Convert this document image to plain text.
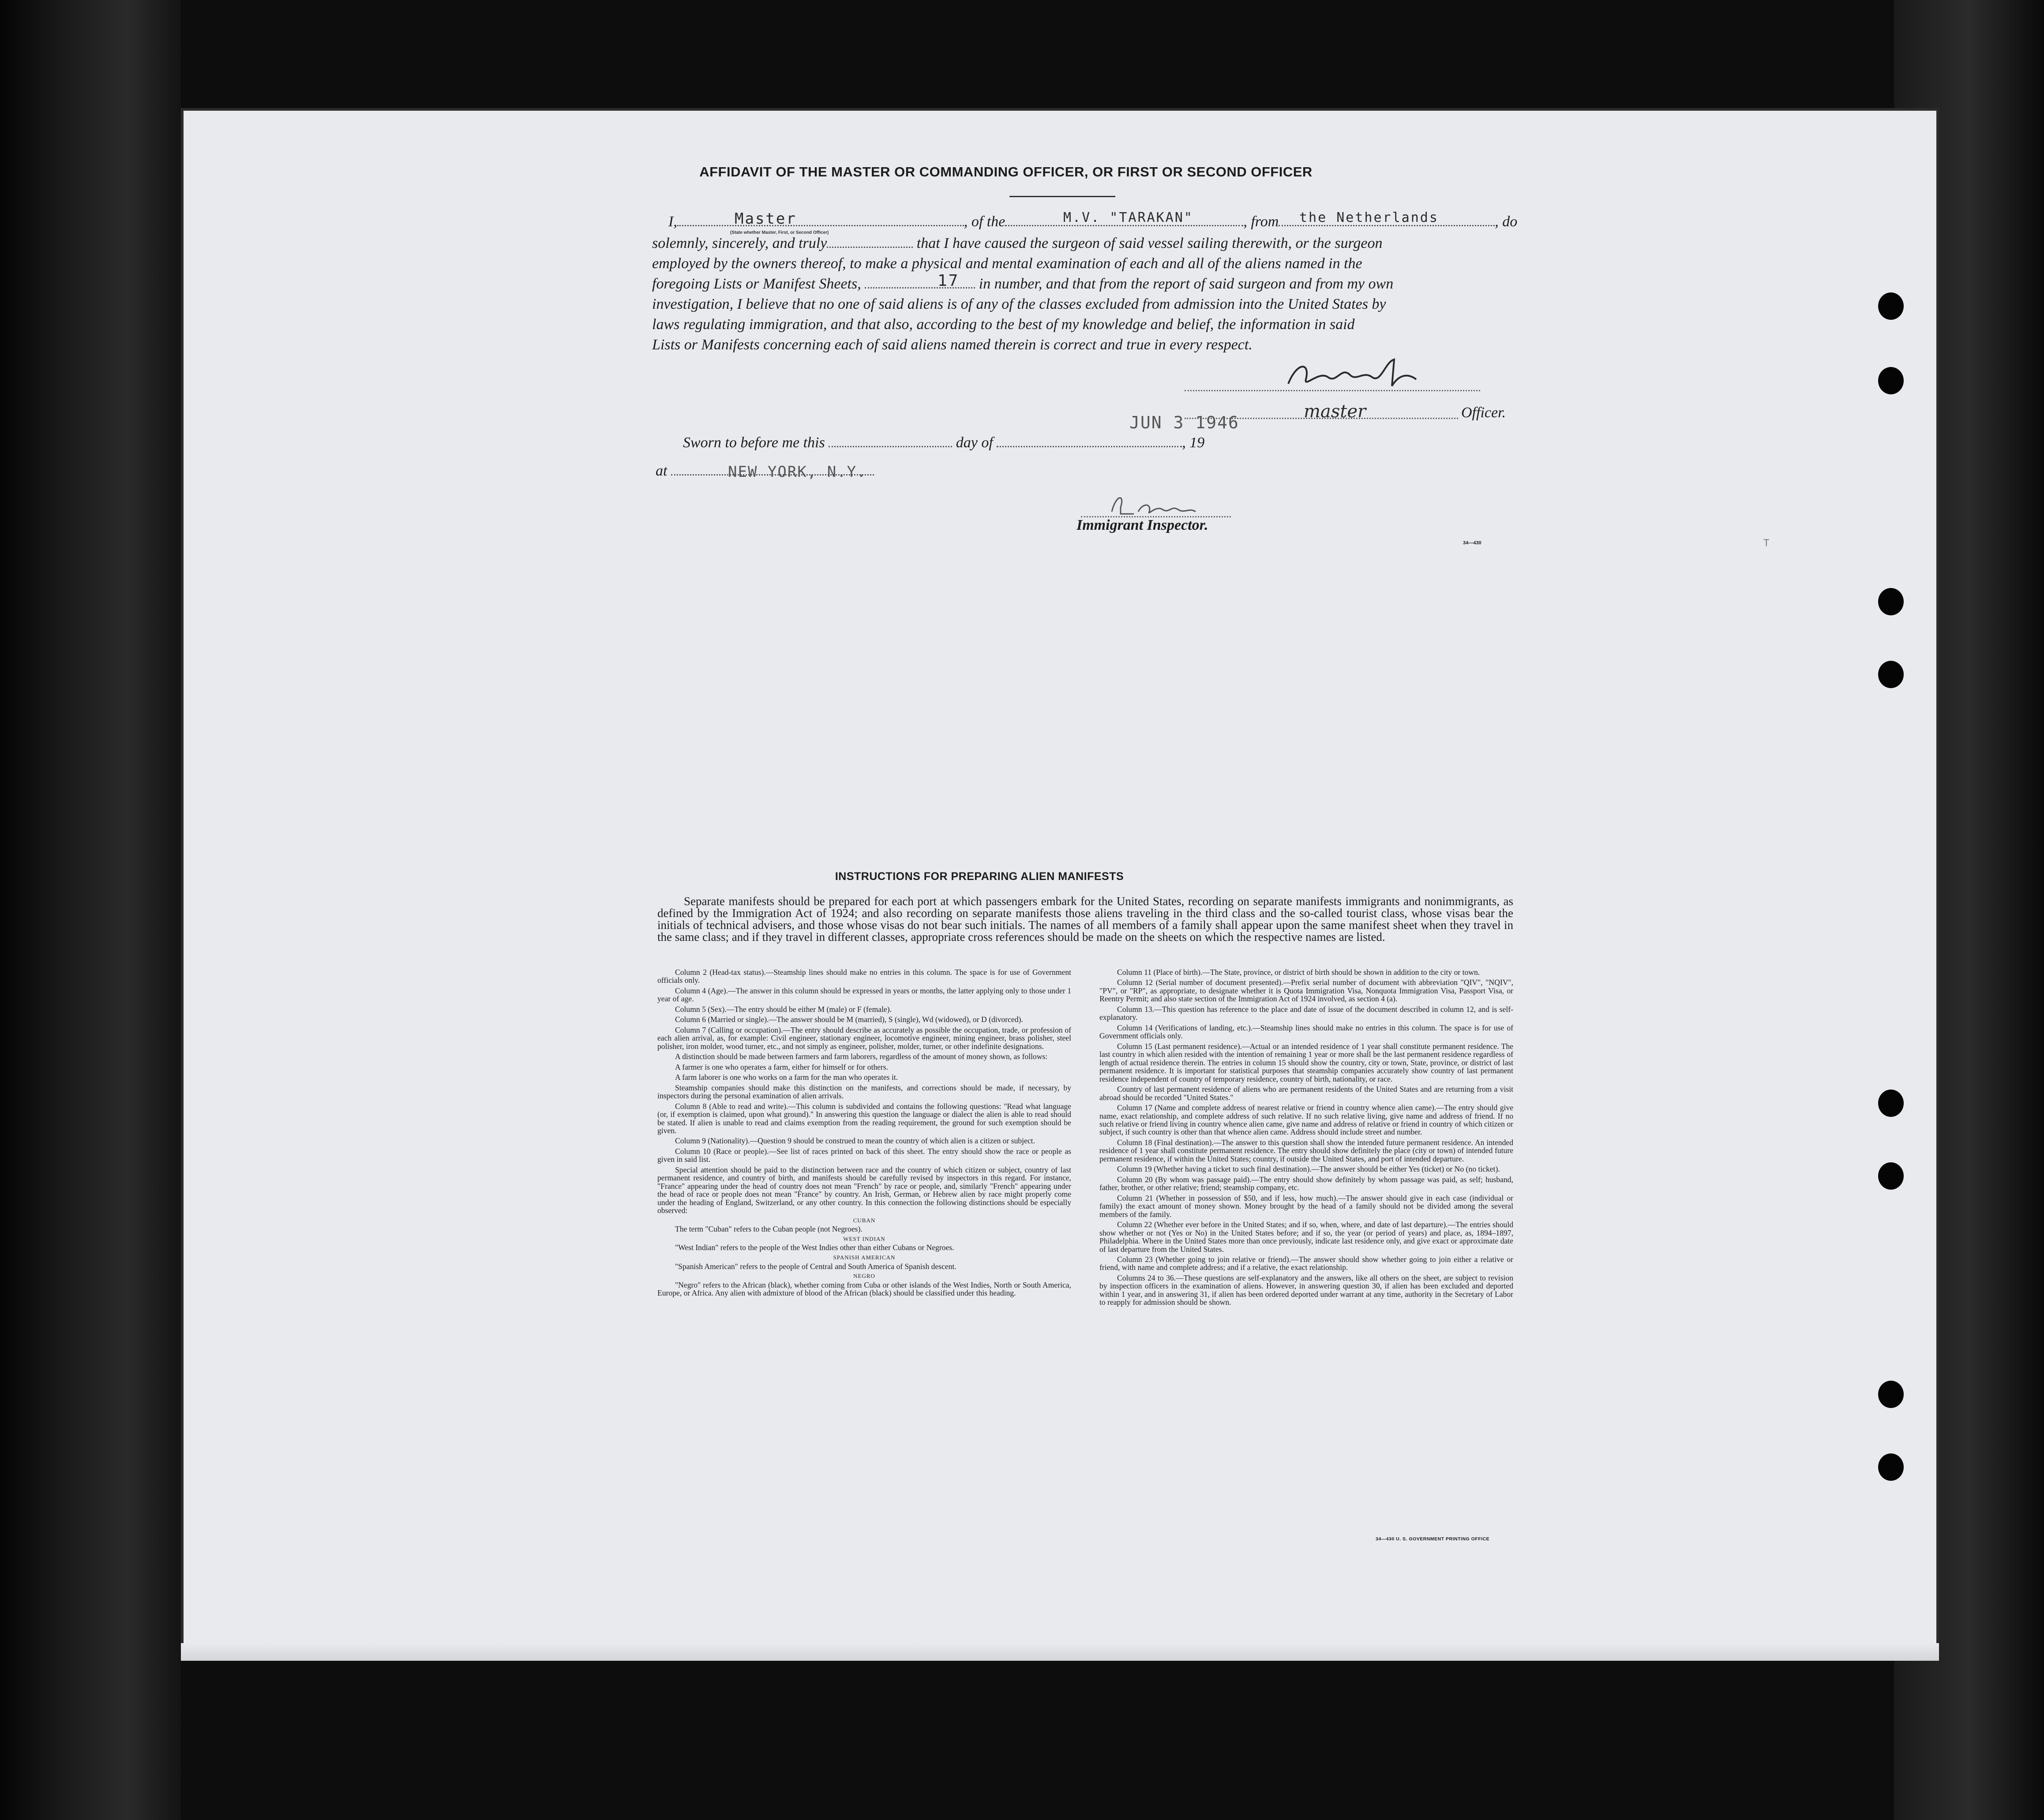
AFFIDAVIT OF THE MASTER OR COMMANDING OFFICER, OR FIRST OR SECOND OFFICER
I,	, of the	, from	, do
Master
(State whether Master, First, or Second Officer)
M.V. "TARAKAN"	the Netherlands
solemnly, sincerely, and truly	that I have caused the surgeon of said vessel sailing therewith, or the surgeon
employed by the owners thereof, to make a physical and mental examination of each and all of the aliens named in the
foregoing Lists or Manifest Sheets,	in number, and that from the report of said surgeon and from my own
17
investigation, I believe that no one of said aliens is of any of the classes excluded from admission into the United States by
laws regulating immigration, and that also, according to the best of my knowledge and belief, the information in said
Lists or Manifests concerning each of said aliens named therein is correct and true in every respect.
master	Officer.
JUN 3 1946
Sworn to before me this	day of	, 19
at	NEW YORK, N.Y.
Immigrant Inspector.
34—430	T
INSTRUCTIONS FOR PREPARING ALIEN MANIFESTS
Separate manifests should be prepared for each port at which passengers embark for the United States, recording on separate manifests immigrants and nonimmigrants, as defined by the Immigration Act of 1924; and also recording on separate manifests those aliens traveling in the third class and the so-called tourist class, whose visas bear the initials of technical advisers, and those whose visas do not bear such initials. The names of all members of a family shall appear upon the same manifest sheet when they travel in the same class; and if they travel in different classes, appropriate cross references should be made on the sheets on which the respective names are listed.

Column 2 (Head-tax status).—Steamship lines should make no entries in this column. The space is for use of Government officials only.

Column 4 (Age).—The answer in this column should be expressed in years or months, the latter applying only to those under 1 year of age.

Column 5 (Sex).—The entry should be either M (male) or F (female).

Column 6 (Married or single).—The answer should be M (married), S (single), Wd (widowed), or D (divorced).

Column 7 (Calling or occupation).—The entry should describe as accurately as possible the occupation, trade, or profession of each alien arrival, as, for example: Civil engineer, stationary engineer, locomotive engineer, mining engineer, brass polisher, steel polisher, iron molder, wood turner, etc., and not simply as engineer, polisher, molder, turner, or other indefinite designations.

A distinction should be made between farmers and farm laborers, regardless of the amount of money shown, as follows:

A farmer is one who operates a farm, either for himself or for others.

A farm laborer is one who works on a farm for the man who operates it.

Steamship companies should make this distinction on the manifests, and corrections should be made, if necessary, by inspectors during the personal examination of alien arrivals.

Column 8 (Able to read and write).—This column is subdivided and contains the following questions: "Read what language (or, if exemption is claimed, upon what ground)." In answering this question the language or dialect the alien is able to read should be stated. If alien is unable to read and claims exemption from the reading requirement, the ground for such exemption should be given.

Column 9 (Nationality).—Question 9 should be construed to mean the country of which alien is a citizen or subject.

Column 10 (Race or people).—See list of races printed on back of this sheet. The entry should show the race or people as given in said list.

Special attention should be paid to the distinction between race and the country of which citizen or subject, country of last permanent residence, and country of birth, and manifests should be carefully revised by inspectors in this regard. For instance, "France" appearing under the head of country does not mean "French" by race or people, and, similarly "French" appearing under the head of race or people does not mean "France" by country. An Irish, German, or Hebrew alien by race might properly come under the heading of England, Switzerland, or any other country. In this connection the following distinctions should be especially observed:

CUBAN

The term "Cuban" refers to the Cuban people (not Negroes).

WEST INDIAN

"West Indian" refers to the people of the West Indies other than either Cubans or Negroes.

SPANISH AMERICAN

"Spanish American" refers to the people of Central and South America of Spanish descent.

NEGRO

"Negro" refers to the African (black), whether coming from Cuba or other islands of the West Indies, North or South America, Europe, or Africa. Any alien with admixture of blood of the African (black) should be classified under this heading.

Column 11 (Place of birth).—The State, province, or district of birth should be shown in addition to the city or town.

Column 12 (Serial number of document presented).—Prefix serial number of document with abbreviation "QIV", "NQIV", "PV", or "RP", as appropriate, to designate whether it is Quota Immigration Visa, Nonquota Immigration Visa, Passport Visa, or Reentry Permit; and also state section of the Immigration Act of 1924 involved, as section 4 (a).

Column 13.—This question has reference to the place and date of issue of the document described in column 12, and is self-explanatory.

Column 14 (Verifications of landing, etc.).—Steamship lines should make no entries in this column. The space is for use of Government officials only.

Column 15 (Last permanent residence).—Actual or an intended residence of 1 year shall constitute permanent residence. The last country in which alien resided with the intention of remaining 1 year or more shall be the last permanent residence regardless of length of actual residence therein. The entries in column 15 should show the country, city or town, State, province, or district of last permanent residence. It is important for statistical purposes that steamship companies accurately show country of last permanent residence independent of country of temporary residence, country of birth, nationality, or race.

Country of last permanent residence of aliens who are permanent residents of the United States and are returning from a visit abroad should be recorded "United States."

Column 17 (Name and complete address of nearest relative or friend in country whence alien came).—The entry should give name, exact relationship, and complete address of such relative. If no such relative living, give name and address of friend. If no such relative or friend living in country whence alien came, give name and address of relative or friend in country of which citizen or subject, if such country is other than that whence alien came. Address should include street and number.

Column 18 (Final destination).—The answer to this question shall show the intended future permanent residence. An intended residence of 1 year shall constitute permanent residence. The entry should show definitely the place (city or town) of intended future permanent residence, if within the United States; country, if outside the United States, and port of intended departure.

Column 19 (Whether having a ticket to such final destination).—The answer should be either Yes (ticket) or No (no ticket).

Column 20 (By whom was passage paid).—The entry should show definitely by whom passage was paid, as self; husband, father, brother, or other relative; friend; steamship company, etc.

Column 21 (Whether in possession of $50, and if less, how much).—The answer should give in each case (individual or family) the exact amount of money shown. Money brought by the head of a family should not be divided among the several members of the family.

Column 22 (Whether ever before in the United States; and if so, when, where, and date of last departure).—The entries should show whether or not (Yes or No) in the United States before; and if so, the year (or period of years) and place, as, 1894–1897, Philadelphia. Where in the United States more than once previously, indicate last residence only, and give exact or approximate date of last departure from the United States.

Column 23 (Whether going to join relative or friend).—The answer should show whether going to join either a relative or friend, with name and complete address; and if a relative, the exact relationship.

Columns 24 to 36.—These questions are self-explanatory and the answers, like all others on the sheet, are subject to revision by inspection officers in the examination of aliens. However, in answering question 30, if alien has been excluded and deported within 1 year, and in answering 31, if alien has been ordered deported under warrant at any time, authority in the Secretary of Labor to reapply for admission should be shown.

34—430 U. S. GOVERNMENT PRINTING OFFICE
